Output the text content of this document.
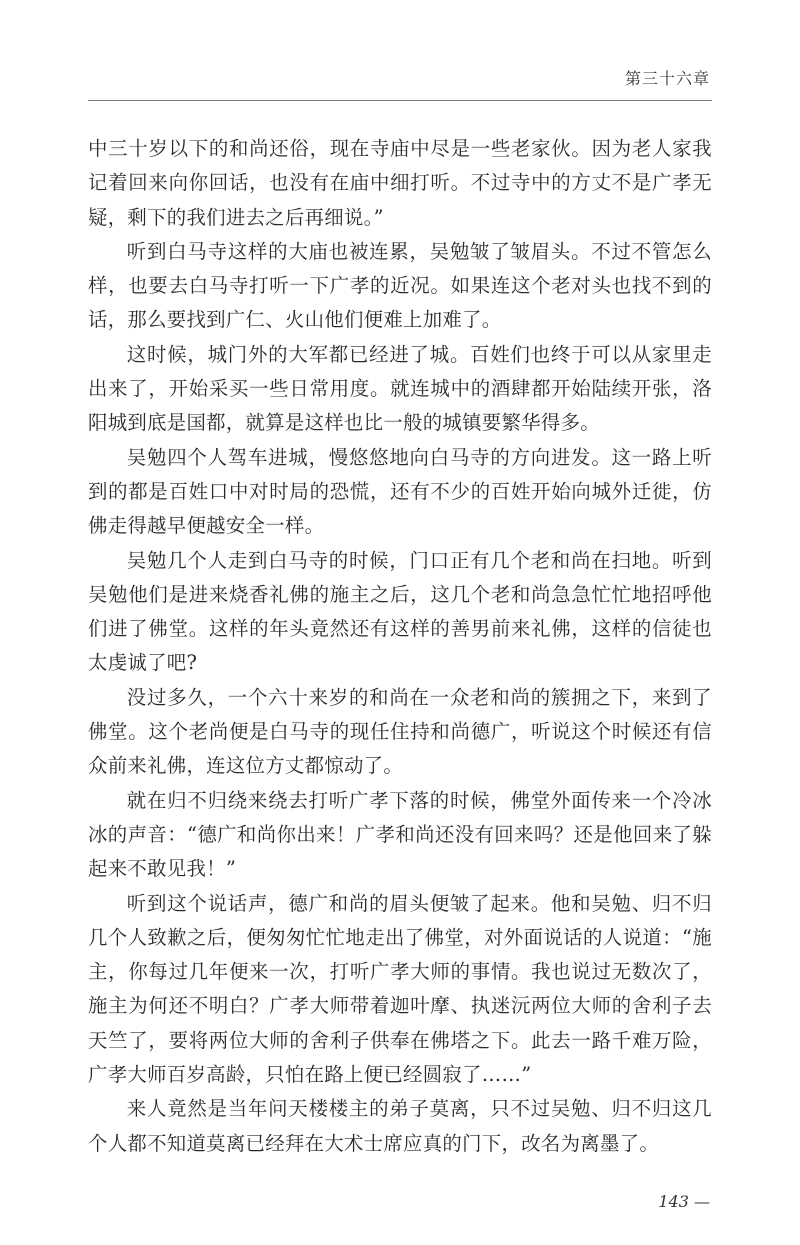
第三十六章

中三十岁以下的和尚还俗，现在寺庙中尽是一些老家伙。因为老人家我记着回来向你回话，也没有在庙中细打听。不过寺中的方丈不是广孝无疑，剩下的我们进去之后再细说。”

听到白马寺这样的大庙也被连累，吴勉皱了皱眉头。不过不管怎么样，也要去白马寺打听一下广孝的近况。如果连这个老对头也找不到的话，那么要找到广仁、火山他们便难上加难了。

这时候，城门外的大军都已经进了城。百姓们也终于可以从家里走出来了，开始采买一些日常用度。就连城中的酒肆都开始陆续开张，洛阳城到底是国都，就算是这样也比一般的城镇要繁华得多。

吴勉四个人驾车进城，慢悠悠地向白马寺的方向进发。这一路上听到的都是百姓口中对时局的恐慌，还有不少的百姓开始向城外迁徙，仿佛走得越早便越安全一样。

吴勉几个人走到白马寺的时候，门口正有几个老和尚在扫地。听到吴勉他们是进来烧香礼佛的施主之后，这几个老和尚急急忙忙地招呼他们进了佛堂。这样的年头竟然还有这样的善男前来礼佛，这样的信徒也太虔诚了吧?

没过多久，一个六十来岁的和尚在一众老和尚的簇拥之下，来到了佛堂。这个老尚便是白马寺的现任住持和尚德广，听说这个时候还有信众前来礼佛，连这位方丈都惊动了。

就在归不归绕来绕去打听广孝下落的时候，佛堂外面传来一个冷冰冰的声音：“德广和尚你出来！广孝和尚还没有回来吗？还是他回来了躲起来不敢见我！”

听到这个说话声，德广和尚的眉头便皱了起来。他和吴勉、归不归几个人致歉之后，便匆匆忙忙地走出了佛堂，对外面说话的人说道：“施主，你每过几年便来一次，打听广孝大师的事情。我也说过无数次了，施主为何还不明白？广孝大师带着迦叶摩、执迷沅两位大师的舍利子去天竺了，要将两位大师的舍利子供奉在佛塔之下。此去一路千难万险，广孝大师百岁高龄，只怕在路上便已经圆寂了……”

来人竟然是当年问天楼楼主的弟子莫离，只不过吴勉、归不归这几个人都不知道莫离已经拜在大术士席应真的门下，改名为离墨了。

143 —
